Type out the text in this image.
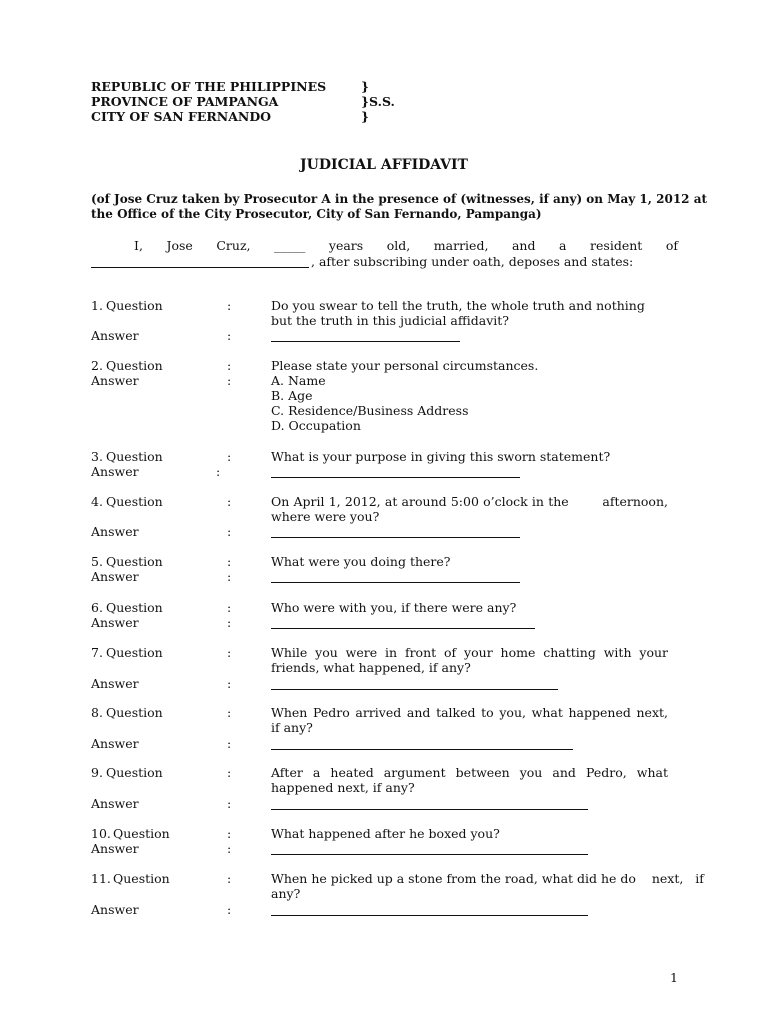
REPUBLIC OF THE PHILIPPINES	}
PROVINCE OF PAMPANGA	}S.S.
CITY OF SAN FERNANDO	}
JUDICIAL AFFIDAVIT
(of Jose Cruz taken by Prosecutor A in the presence of (witnesses, if any) on May 1, 2012 at
the Office of the City Prosecutor, City of San Fernando, Pampanga)
I,   Jose   Cruz,   _____   years   old,   married,   and   a   resident   of
, after subscribing under oath, deposes and states:
1. Question	:	Do you swear to tell the truth, the whole truth and nothing
but the truth in this judicial affidavit?
Answer	:
2. Question	:	Please state your personal circumstances.
A. Name
B. Age
C. Residence/Business Address
D. Occupation
Answer	:
3. Question	:	What is your purpose in giving this sworn statement?
Answer	:
4. Question	:	On April 1, 2012, at around 5:00 o’clock in the        afternoon,
where were you?
Answer	:
5. Question	:	What were you doing there?
Answer	:
6. Question	:	Who were with you, if there were any?
Answer	:
7. Question	:	While you were in front of your home chatting with your
friends, what happened, if any?
Answer	:
8. Question	:	When Pedro arrived and talked to you, what happened next,
if any?
Answer	:
9. Question	:	After a heated argument between you and Pedro, what
happened next, if any?
Answer	:
10. Question	:	What happened after he boxed you?
Answer	:
11. Question	:	When he picked up a stone from the road, what did he do    next,   if
any?
Answer	:
1
